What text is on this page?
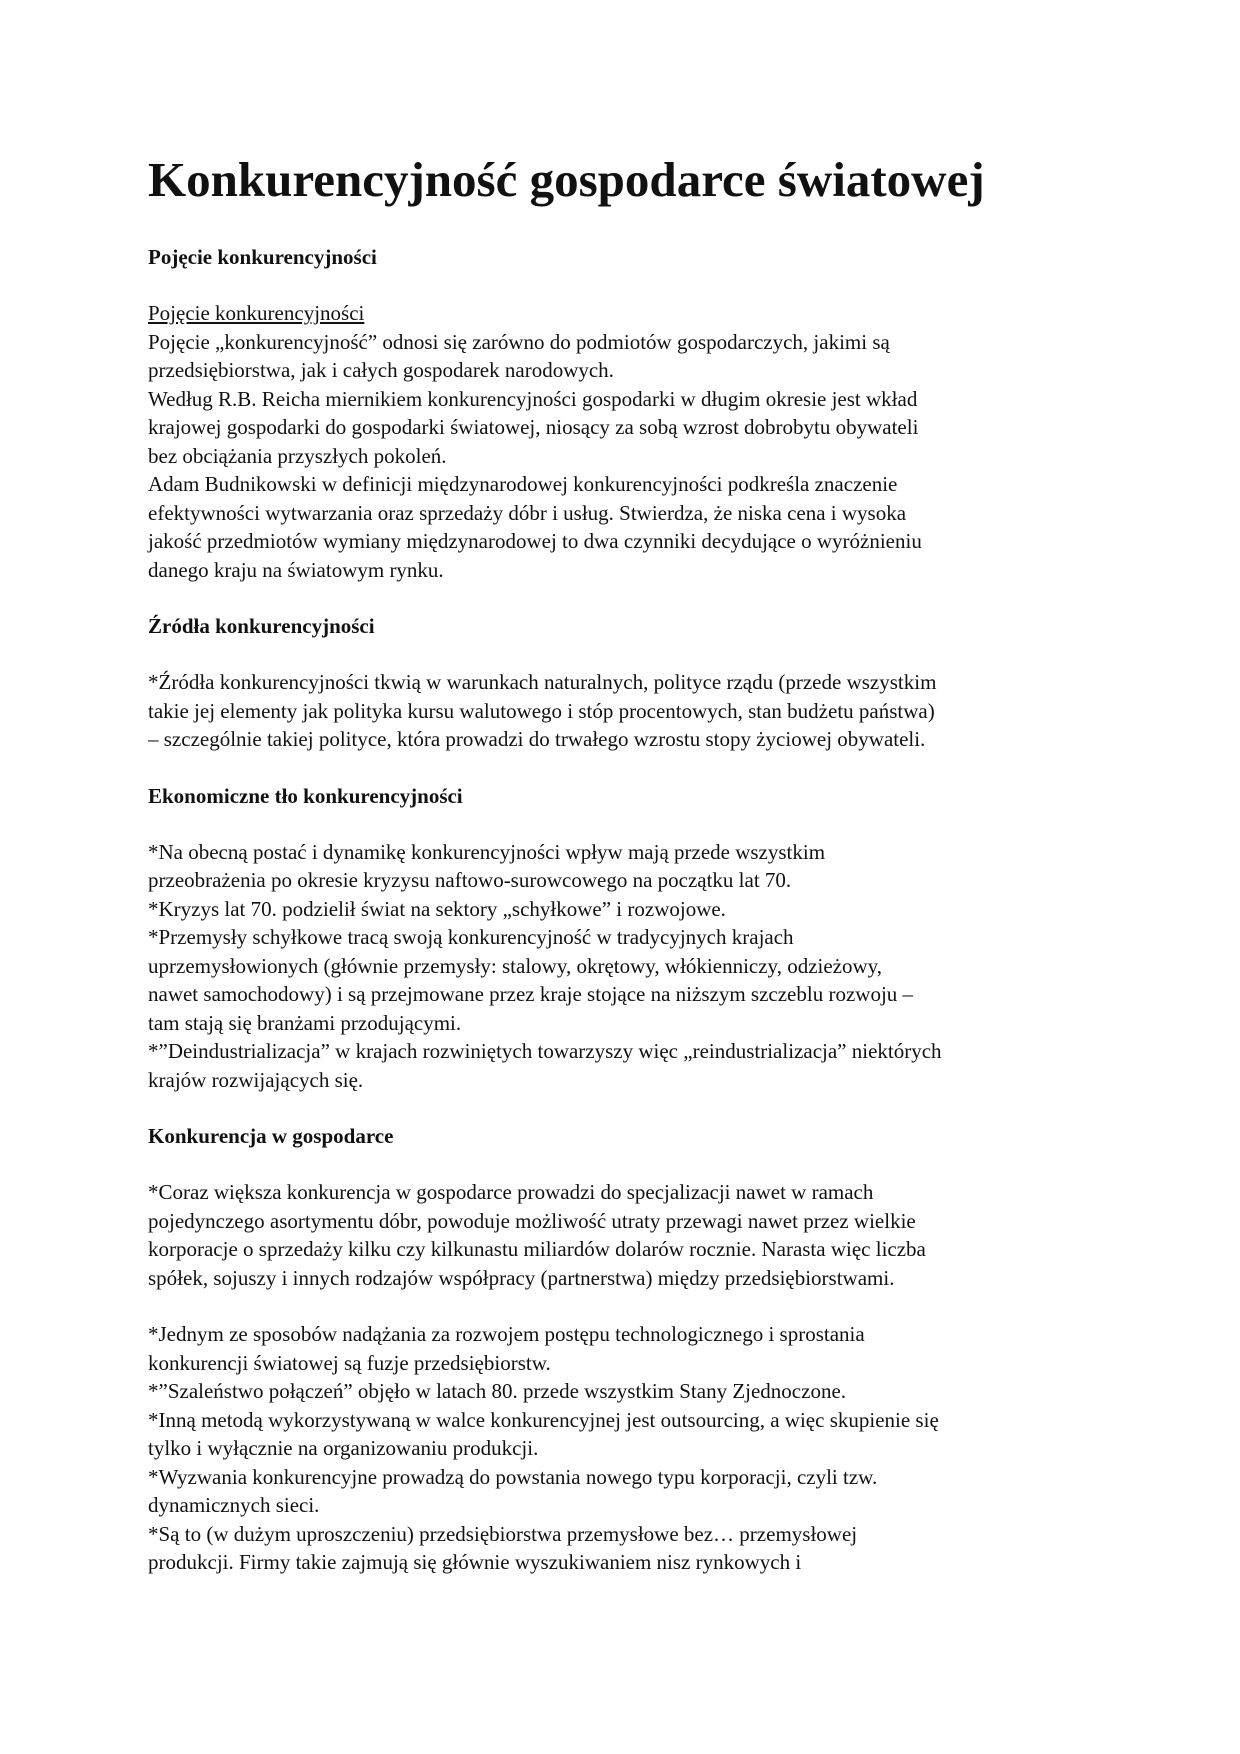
Konkurencyjność gospodarce światowej

Pojęcie konkurencyjności

Pojęcie konkurencyjności

Pojęcie „konkurencyjność” odnosi się zarówno do podmiotów gospodarczych, jakimi są

przedsiębiorstwa, jak i całych gospodarek narodowych.

Według R.B. Reicha miernikiem konkurencyjności gospodarki w długim okresie jest wkład

krajowej gospodarki do gospodarki światowej, niosący za sobą wzrost dobrobytu obywateli

bez obciążania przyszłych pokoleń.

Adam Budnikowski w definicji międzynarodowej konkurencyjności podkreśla znaczenie

efektywności wytwarzania oraz sprzedaży dóbr i usług. Stwierdza, że niska cena i wysoka

jakość przedmiotów wymiany międzynarodowej to dwa czynniki decydujące o wyróżnieniu

danego kraju na światowym rynku.

Źródła konkurencyjności

*Źródła konkurencyjności tkwią w warunkach naturalnych, polityce rządu (przede wszystkim

takie jej elementy jak polityka kursu walutowego i stóp procentowych, stan budżetu państwa)

– szczególnie takiej polityce, która prowadzi do trwałego wzrostu stopy życiowej obywateli.

Ekonomiczne tło konkurencyjności

*Na obecną postać i dynamikę konkurencyjności wpływ mają przede wszystkim

przeobrażenia po okresie kryzysu naftowo-surowcowego na początku lat 70.

*Kryzys lat 70. podzielił świat na sektory „schyłkowe” i rozwojowe.

*Przemysły schyłkowe tracą swoją konkurencyjność w tradycyjnych krajach

uprzemysłowionych (głównie przemysły: stalowy, okrętowy, włókienniczy, odzieżowy,

nawet samochodowy) i są przejmowane przez kraje stojące na niższym szczeblu rozwoju –

tam stają się branżami przodującymi.

*”Deindustrializacja” w krajach rozwiniętych towarzyszy więc „reindustrializacja” niektórych

krajów rozwijających się.

Konkurencja w gospodarce

*Coraz większa konkurencja w gospodarce prowadzi do specjalizacji nawet w ramach

pojedynczego asortymentu dóbr, powoduje możliwość utraty przewagi nawet przez wielkie

korporacje o sprzedaży kilku czy kilkunastu miliardów dolarów rocznie. Narasta więc liczba

spółek, sojuszy i innych rodzajów współpracy (partnerstwa) między przedsiębiorstwami.

*Jednym ze sposobów nadążania za rozwojem postępu technologicznego i sprostania

konkurencji światowej są fuzje przedsiębiorstw.

*”Szaleństwo połączeń” objęło w latach 80. przede wszystkim Stany Zjednoczone.

*Inną metodą wykorzystywaną w walce konkurencyjnej jest outsourcing, a więc skupienie się

tylko i wyłącznie na organizowaniu produkcji.

*Wyzwania konkurencyjne prowadzą do powstania nowego typu korporacji, czyli tzw.

dynamicznych sieci.

*Są to (w dużym uproszczeniu) przedsiębiorstwa przemysłowe bez… przemysłowej

produkcji. Firmy takie zajmują się głównie wyszukiwaniem nisz rynkowych i
